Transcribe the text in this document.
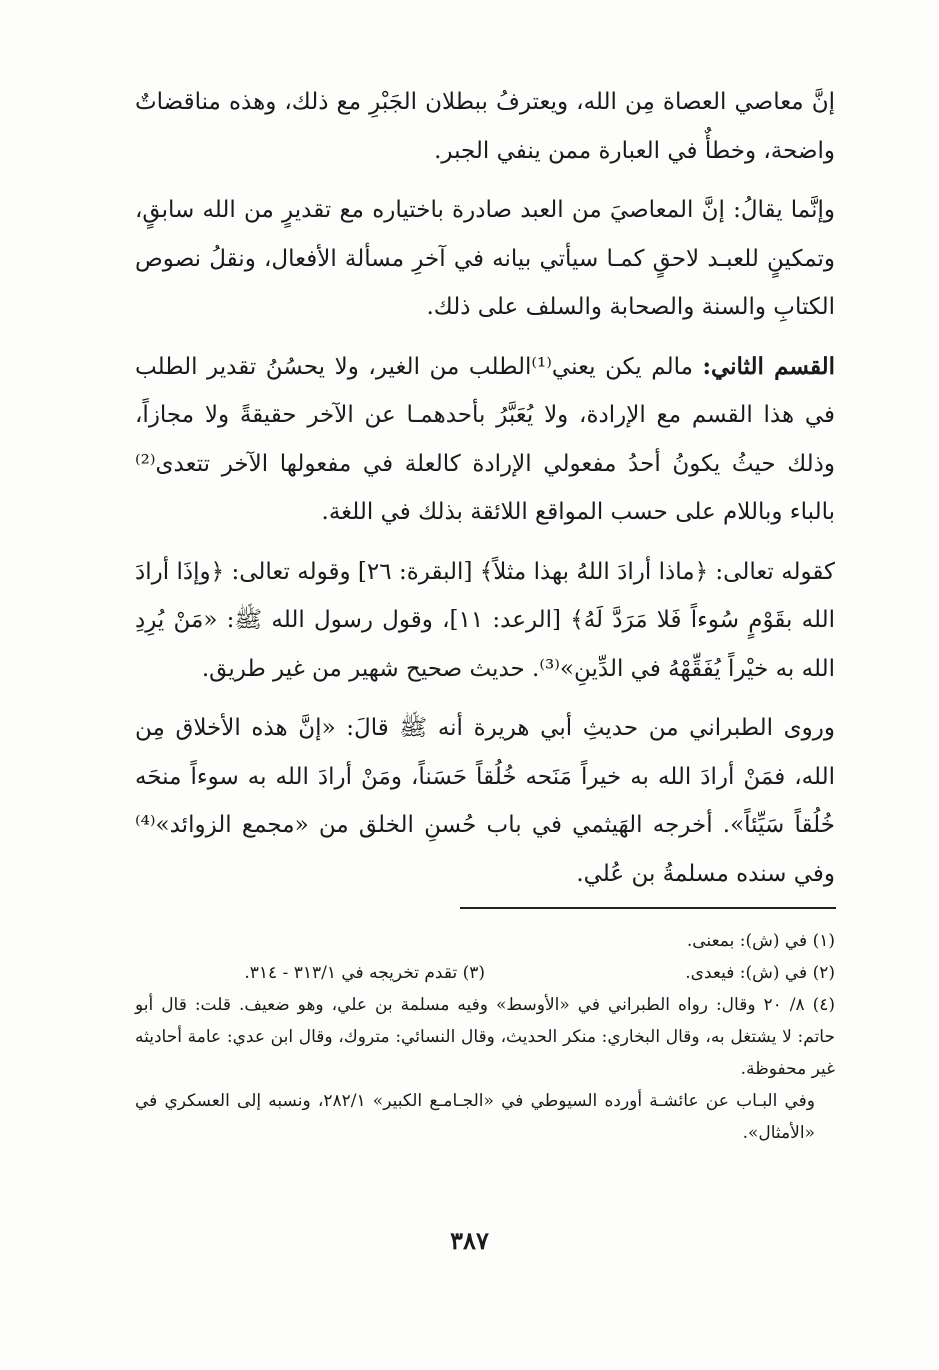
إنَّ معاصي العصاة مِن الله، ويعترفُ ببطلان الجَبْرِ مع ذلك، وهذه مناقضاتٌ واضحة، وخطأٌ في العبارة ممن ينفي الجبر.

وإنَّما يقالُ: إنَّ المعاصيَ من العبد صادرة باختياره مع تقديرٍ من الله سابقٍ، وتمكينٍ للعبـد لاحقٍ كمـا سيأتي بيانه في آخرِ مسألة الأفعال، ونقلُ نصوص الكتابِ والسنة والصحابة والسلف على ذلك.

القسم الثاني: مالم يكن يعني⁽¹⁾الطلب من الغير، ولا يحسُنُ تقدير الطلب في هذا القسم مع الإرادة، ولا يُعَبَّرُ بأحدهمـا عن الآخر حقيقةً ولا مجازاً، وذلك حيثُ يكونُ أحدُ مفعولي الإرادة كالعلة في مفعولها الآخر تتعدى⁽²⁾ بالباء وباللام على حسب المواقع اللائقة بذلك في اللغة.

كقوله تعالى: ﴿ماذا أرادَ اللهُ بهذا مثلاً﴾ [البقرة: ٢٦] وقوله تعالى: ﴿وإذَا أرادَ الله بقَوْمٍ سُوءاً فَلا مَرَدَّ لَهُ﴾ [الرعد: ١١]، وقول رسول الله ﷺ: «مَنْ يُرِدِ الله به خيْراً يُفَقِّهْهُ في الدِّينِ»⁽³⁾. حديث صحيح شهير من غير طريق.

وروى الطبراني من حديثِ أبي هريرة أنه ﷺ قالَ: «إنَّ هذه الأخلاق مِن الله، فمَنْ أرادَ الله به خيراً مَنَحه خُلُقاً حَسَناً، ومَنْ أرادَ الله به سوءاً منحَه خُلُقاً سَيِّئاً». أخرجه الهَيثمي في باب حُسنِ الخلق من «مجمع الزوائد»⁽⁴⁾ وفي سنده مسلمةُ بن عُلي.

(١) في (ش): بمعنى.

(٢) في (ش): فيعدى.
(٣) تقدم تخريجه في ٣١٣/١ - ٣١٤.

(٤) ٨/ ٢٠ وقال: رواه الطبراني في «الأوسط» وفيه مسلمة بن علي، وهو ضعيف. قلت: قال أبو حاتم: لا يشتغل به، وقال البخاري: منكر الحديث، وقال النسائي: متروك، وقال ابن عدي: عامة أحاديثه غير محفوظة.

وفي البـاب عن عائشـة أورده السيوطي في «الجـامـع الكبير» ٢٨٢/١، ونسبه إلى العسكري في «الأمثال».

٣٨٧
